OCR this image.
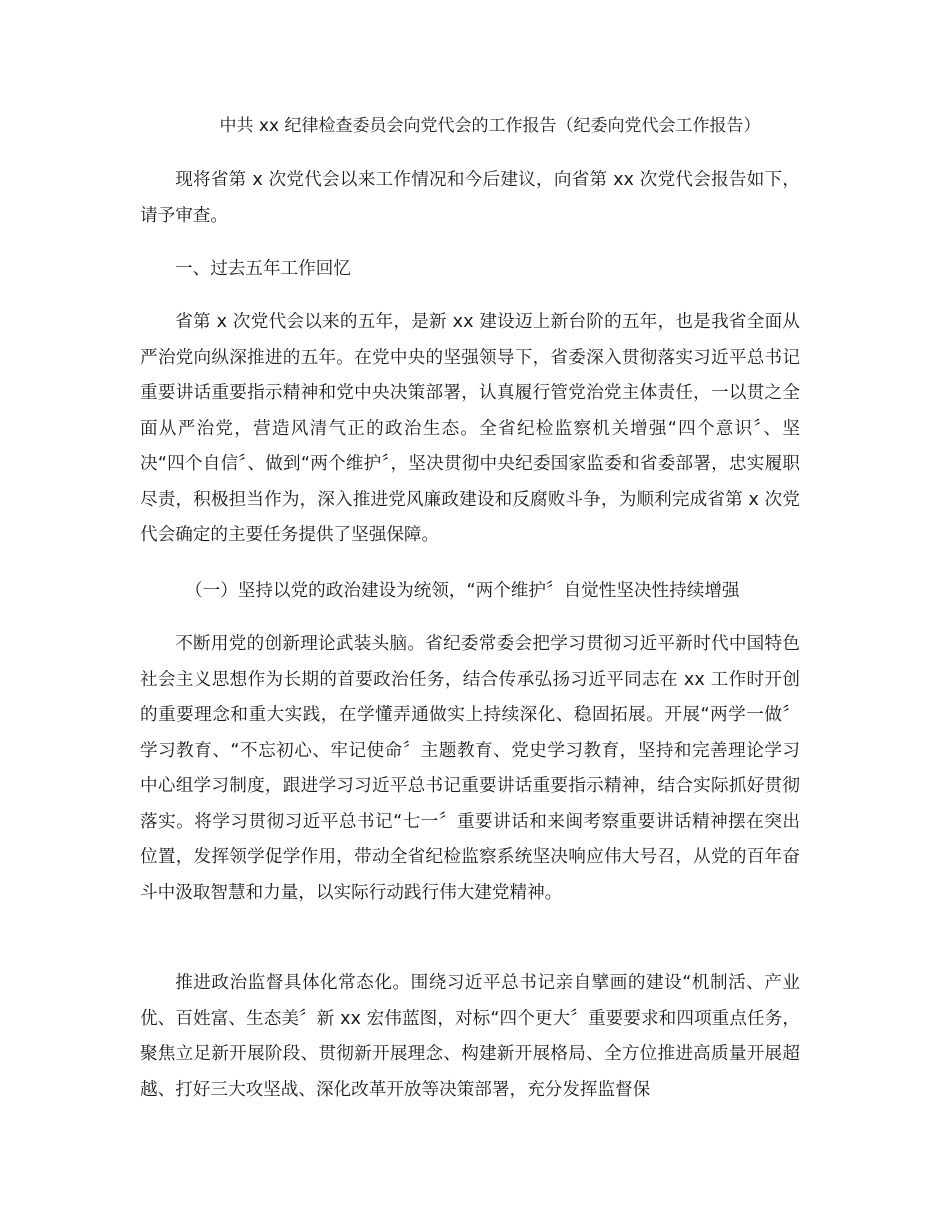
中共 xx 纪律检查委员会向党代会的工作报告（纪委向党代会工作报告）

现将省第 x 次党代会以来工作情况和今后建议，向省第 xx 次党代会报告如下，请予审查。

一、过去五年工作回忆

省第 x 次党代会以来的五年，是新 xx 建设迈上新台阶的五年，也是我省全面从严治党向纵深推进的五年。在党中央的坚强领导下，省委深入贯彻落实习近平总书记重要讲话重要指示精神和党中央决策部署，认真履行管党治党主体责任，一以贯之全面从严治党，营造风清气正的政治生态。全省纪检监察机关增强“四个意识〞、坚决“四个自信〞、做到“两个维护〞，坚决贯彻中央纪委国家监委和省委部署，忠实履职尽责，积极担当作为，深入推进党风廉政建设和反腐败斗争，为顺利完成省第 x 次党代会确定的主要任务提供了坚强保障。

（一）坚持以党的政治建设为统领，“两个维护〞自觉性坚决性持续增强

不断用党的创新理论武装头脑。省纪委常委会把学习贯彻习近平新时代中国特色社会主义思想作为长期的首要政治任务，结合传承弘扬习近平同志在 xx 工作时开创的重要理念和重大实践，在学懂弄通做实上持续深化、稳固拓展。开展“两学一做〞学习教育、“不忘初心、牢记使命〞主题教育、党史学习教育，坚持和完善理论学习中心组学习制度，跟进学习习近平总书记重要讲话重要指示精神，结合实际抓好贯彻落实。将学习贯彻习近平总书记“七一〞重要讲话和来闽考察重要讲话精神摆在突出位置，发挥领学促学作用，带动全省纪检监察系统坚决响应伟大号召，从党的百年奋斗中汲取智慧和力量，以实际行动践行伟大建党精神。

推进政治监督具体化常态化。围绕习近平总书记亲自擘画的建设“机制活、产业优、百姓富、生态美〞新 xx 宏伟蓝图，对标“四个更大〞重要要求和四项重点任务，聚焦立足新开展阶段、贯彻新开展理念、构建新开展格局、全方位推进高质量开展超越、打好三大攻坚战、深化改革开放等决策部署，充分发挥监督保
